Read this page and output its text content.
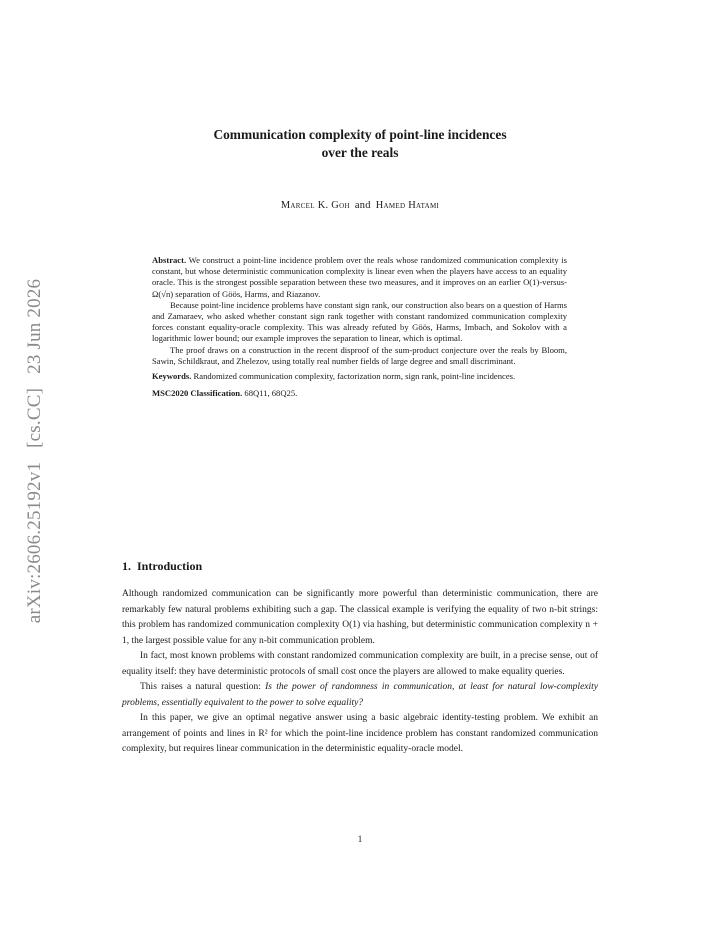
arXiv:2606.25192v1[cs.CC]23 Jun 2026
Communication complexity of point-line incidences
over the reals
Marcel K. Goh and Hamed Hatami

Abstract. We construct a point-line incidence problem over the reals whose randomized communication complexity is constant, but whose deterministic communication complexity is linear even when the players have access to an equality oracle. This is the strongest possible separation between these two measures, and it improves on an earlier O(1)-versus-Ω(√n) separation of Göös, Harms, and Riazanov.

Because point-line incidence problems have constant sign rank, our construction also bears on a question of Harms and Zamaraev, who asked whether constant sign rank together with constant randomized communication complexity forces constant equality-oracle complexity. This was already refuted by Göös, Harms, Imbach, and Sokolov with a logarithmic lower bound; our example improves the separation to linear, which is optimal.

The proof draws on a construction in the recent disproof of the sum-product conjecture over the reals by Bloom, Sawin, Schildkraut, and Zhelezov, using totally real number fields of large degree and small discriminant.

Keywords. Randomized communication complexity, factorization norm, sign rank, point-line incidences.

MSC2020 Classification. 68Q11, 68Q25.

1. Introduction

Although randomized communication can be significantly more powerful than deterministic communication, there are remarkably few natural problems exhibiting such a gap. The classical example is verifying the equality of two n-bit strings: this problem has randomized communication complexity O(1) via hashing, but deterministic communication complexity n + 1, the largest possible value for any n-bit communication problem.

In fact, most known problems with constant randomized communication complexity are built, in a precise sense, out of equality itself: they have deterministic protocols of small cost once the players are allowed to make equality queries.

This raises a natural question: Is the power of randomness in communication, at least for natural low-complexity problems, essentially equivalent to the power to solve equality?

In this paper, we give an optimal negative answer using a basic algebraic identity-testing problem. We exhibit an arrangement of points and lines in R² for which the point-line incidence problem has constant randomized communication complexity, but requires linear communication in the deterministic equality-oracle model.

1
